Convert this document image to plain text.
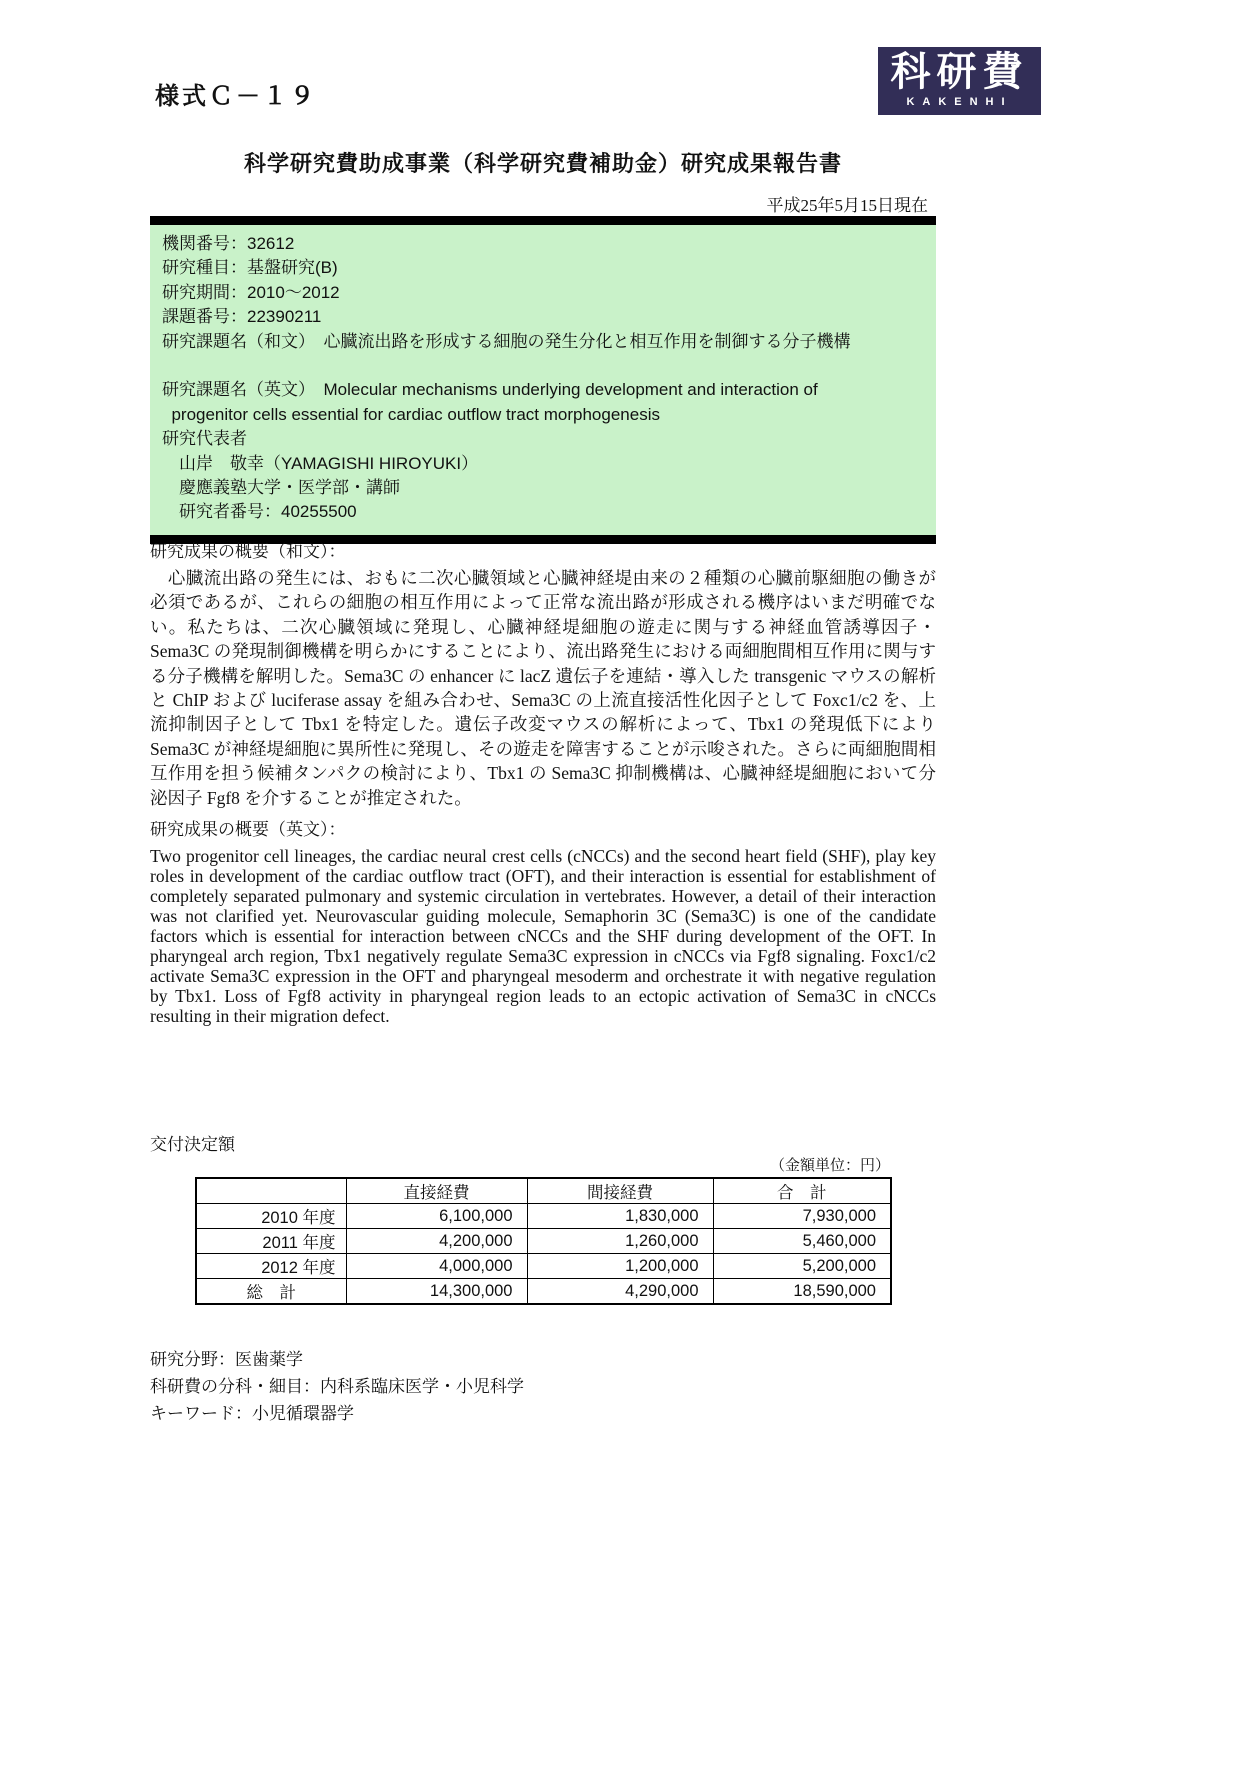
様式Ｃ－１９
科研費
KAKENHI
科学研究費助成事業（科学研究費補助金）研究成果報告書
平成25年5月15日現在
機関番号：32612
研究種目：基盤研究(B)
研究期間：2010～2012
課題番号：22390211
研究課題名（和文）　心臓流出路を形成する細胞の発生分化と相互作用を制御する分子機構

研究課題名（英文）　Molecular mechanisms underlying development and interaction of
progenitor cells essential for cardiac outflow tract morphogenesis
研究代表者
　山岸　敬幸（YAMAGISHI HIROYUKI）
　慶應義塾大学・医学部・講師
　研究者番号：40255500
研究成果の概要（和文）：

　心臓流出路の発生には、おもに二次心臓領域と心臓神経堤由来の２種類の心臓前駆細胞の働きが必須であるが、これらの細胞の相互作用によって正常な流出路が形成される機序はいまだ明確でない。私たちは、二次心臓領域に発現し、心臓神経堤細胞の遊走に関与する神経血管誘導因子・Sema3C の発現制御機構を明らかにすることにより、流出路発生における両細胞間相互作用に関与する分子機構を解明した。Sema3C の enhancer に lacZ 遺伝子を連結・導入した transgenic マウスの解析と ChIP および luciferase assay を組み合わせ、Sema3C の上流直接活性化因子として Foxc1/c2 を、上流抑制因子として Tbx1 を特定した。遺伝子改変マウスの解析によって、Tbx1 の発現低下により Sema3C が神経堤細胞に異所性に発現し、その遊走を障害することが示唆された。さらに両細胞間相互作用を担う候補タンパクの検討により、Tbx1 の Sema3C 抑制機構は、心臓神経堤細胞において分泌因子 Fgf8 を介することが推定された。

研究成果の概要（英文）：

Two progenitor cell lineages, the cardiac neural crest cells (cNCCs) and the second heart field (SHF), play key roles in development of the cardiac outflow tract (OFT), and their interaction is essential for establishment of completely separated pulmonary and systemic circulation in vertebrates. However, a detail of their interaction was not clarified yet. Neurovascular guiding molecule, Semaphorin 3C (Sema3C) is one of the candidate factors which is essential for interaction between cNCCs and the SHF during development of the OFT. In pharyngeal arch region, Tbx1 negatively regulate Sema3C expression in cNCCs via Fgf8 signaling. Foxc1/c2 activate Sema3C expression in the OFT and pharyngeal mesoderm and orchestrate it with negative regulation by Tbx1. Loss of Fgf8 activity in pharyngeal region leads to an ectopic activation of Sema3C in cNCCs resulting in their migration defect.

交付決定額
（金額単位：円）
	直接経費	間接経費	合　計
2010 年度	6,100,000	1,830,000	7,930,000
2011 年度	4,200,000	1,260,000	5,460,000
2012 年度	4,000,000	1,200,000	5,200,000
総　計	14,300,000	4,290,000	18,590,000
研究分野：医歯薬学
科研費の分科・細目：内科系臨床医学・小児科学
キーワード：小児循環器学
